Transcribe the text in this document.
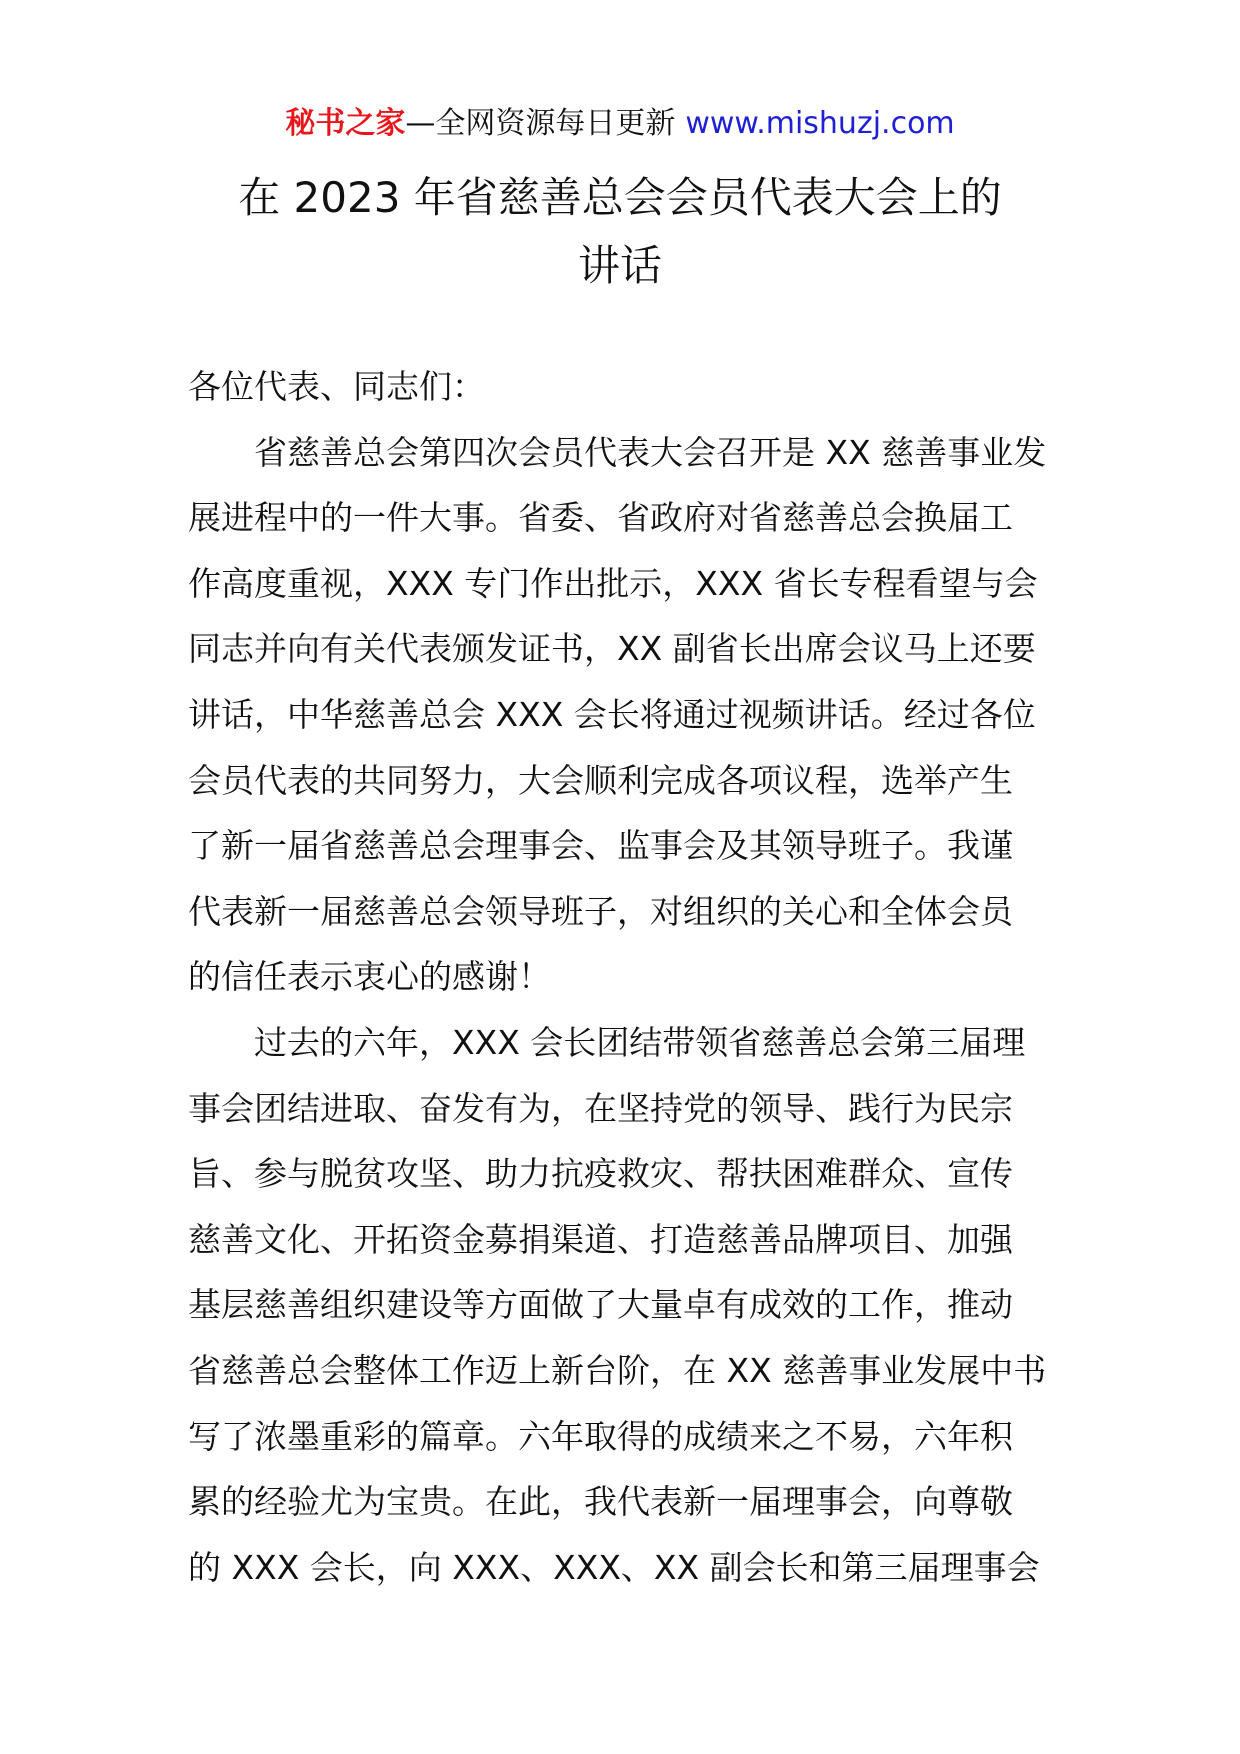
秘书之家—全网资源每日更新 www.mishuzj.com
在 2023 年省慈善总会会员代表大会上的
讲话
各位代表、同志们：
省慈善总会第四次会员代表大会召开是 XX 慈善事业发
展进程中的一件大事。省委、省政府对省慈善总会换届工
作高度重视，XXX 专门作出批示，XXX 省长专程看望与会
同志并向有关代表颁发证书，XX 副省长出席会议马上还要
讲话，中华慈善总会 XXX 会长将通过视频讲话。经过各位
会员代表的共同努力，大会顺利完成各项议程，选举产生
了新一届省慈善总会理事会、监事会及其领导班子。我谨
代表新一届慈善总会领导班子，对组织的关心和全体会员
的信任表示衷心的感谢！
过去的六年，XXX 会长团结带领省慈善总会第三届理
事会团结进取、奋发有为，在坚持党的领导、践行为民宗
旨、参与脱贫攻坚、助力抗疫救灾、帮扶困难群众、宣传
慈善文化、开拓资金募捐渠道、打造慈善品牌项目、加强
基层慈善组织建设等方面做了大量卓有成效的工作，推动
省慈善总会整体工作迈上新台阶，在 XX 慈善事业发展中书
写了浓墨重彩的篇章。六年取得的成绩来之不易，六年积
累的经验尤为宝贵。在此，我代表新一届理事会，向尊敬
的 XXX 会长，向 XXX、XXX、XX 副会长和第三届理事会
